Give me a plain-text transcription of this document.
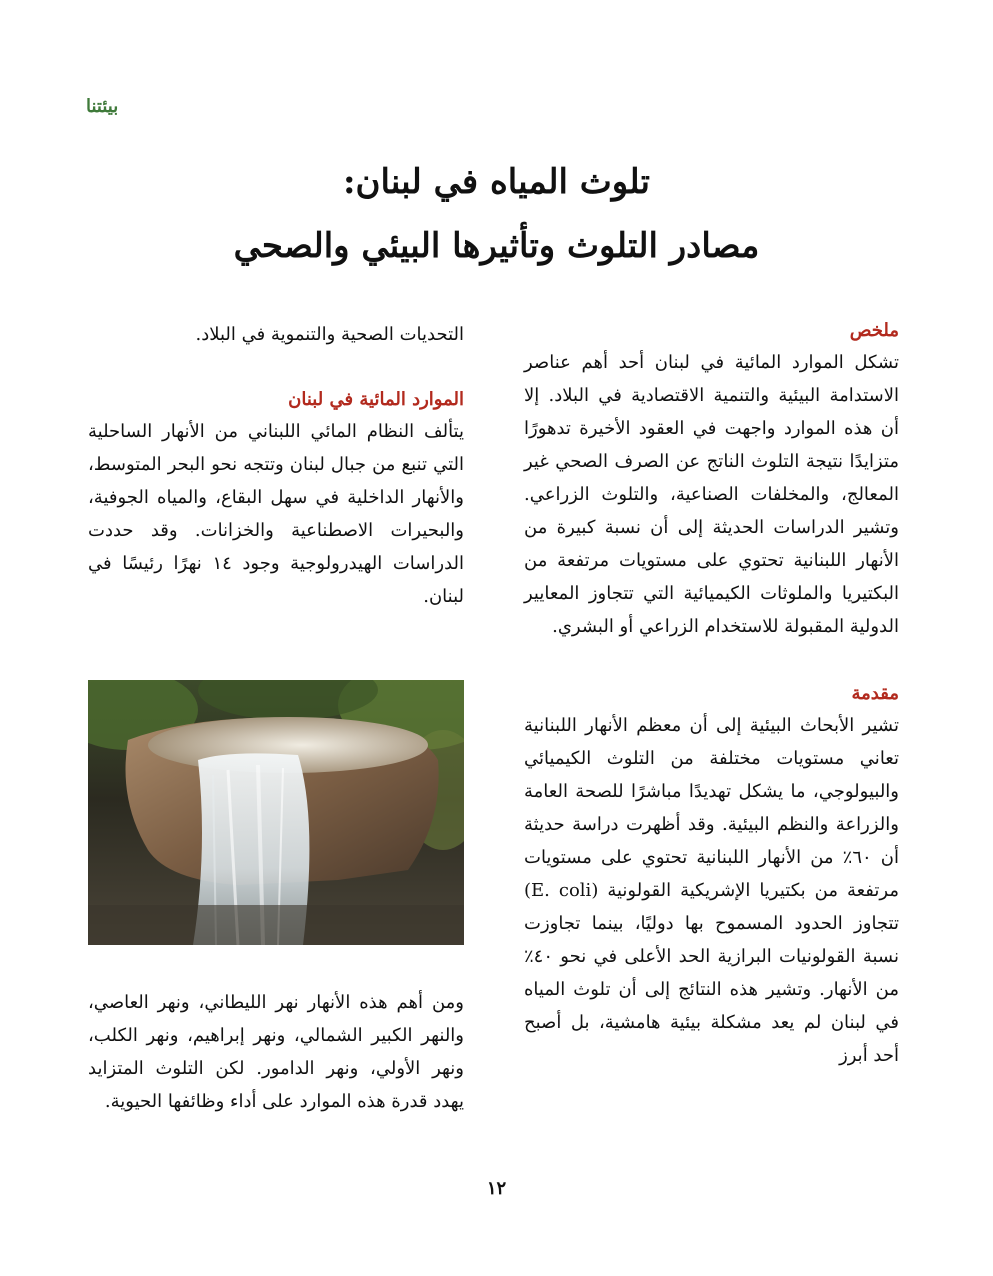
بيئتنا
تلوث المياه في لبنان:
مصادر التلوث وتأثيرها البيئي والصحي

ملخص

تشكل الموارد المائية في لبنان أحد أهم عناصر الاستدامة البيئية والتنمية الاقتصادية في البلاد. إلا أن هذه الموارد واجهت في العقود الأخيرة تدهورًا متزايدًا نتيجة التلوث الناتج عن الصرف الصحي غير المعالج، والمخلفات الصناعية، والتلوث الزراعي. وتشير الدراسات الحديثة إلى أن نسبة كبيرة من الأنهار اللبنانية تحتوي على مستويات مرتفعة من البكتيريا والملوثات الكيميائية التي تتجاوز المعايير الدولية المقبولة للاستخدام الزراعي أو البشري.

مقدمة

تشير الأبحاث البيئية إلى أن معظم الأنهار اللبنانية تعاني مستويات مختلفة من التلوث الكيميائي والبيولوجي، ما يشكل تهديدًا مباشرًا للصحة العامة والزراعة والنظم البيئية. وقد أظهرت دراسة حديثة أن ٦٠٪ من الأنهار اللبنانية تحتوي على مستويات مرتفعة من بكتيريا الإشريكية القولونية (E. coli) تتجاوز الحدود المسموح بها دوليًا، بينما تجاوزت نسبة القولونيات البرازية الحد الأعلى في نحو ٤٠٪ من الأنهار. وتشير هذه النتائج إلى أن تلوث المياه في لبنان لم يعد مشكلة بيئية هامشية، بل أصبح أحد أبرز

التحديات الصحية والتنموية في البلاد.

الموارد المائية في لبنان

يتألف النظام المائي اللبناني من الأنهار الساحلية التي تنبع من جبال لبنان وتتجه نحو البحر المتوسط، والأنهار الداخلية في سهل البقاع، والمياه الجوفية، والبحيرات الاصطناعية والخزانات. وقد حددت الدراسات الهيدرولوجية وجود ١٤ نهرًا رئيسًا في لبنان.

ومن أهم هذه الأنهار نهر الليطاني، ونهر العاصي، والنهر الكبير الشمالي، ونهر إبراهيم، ونهر الكلب، ونهر الأولي، ونهر الدامور. لكن التلوث المتزايد يهدد قدرة هذه الموارد على أداء وظائفها الحيوية.

١٢
